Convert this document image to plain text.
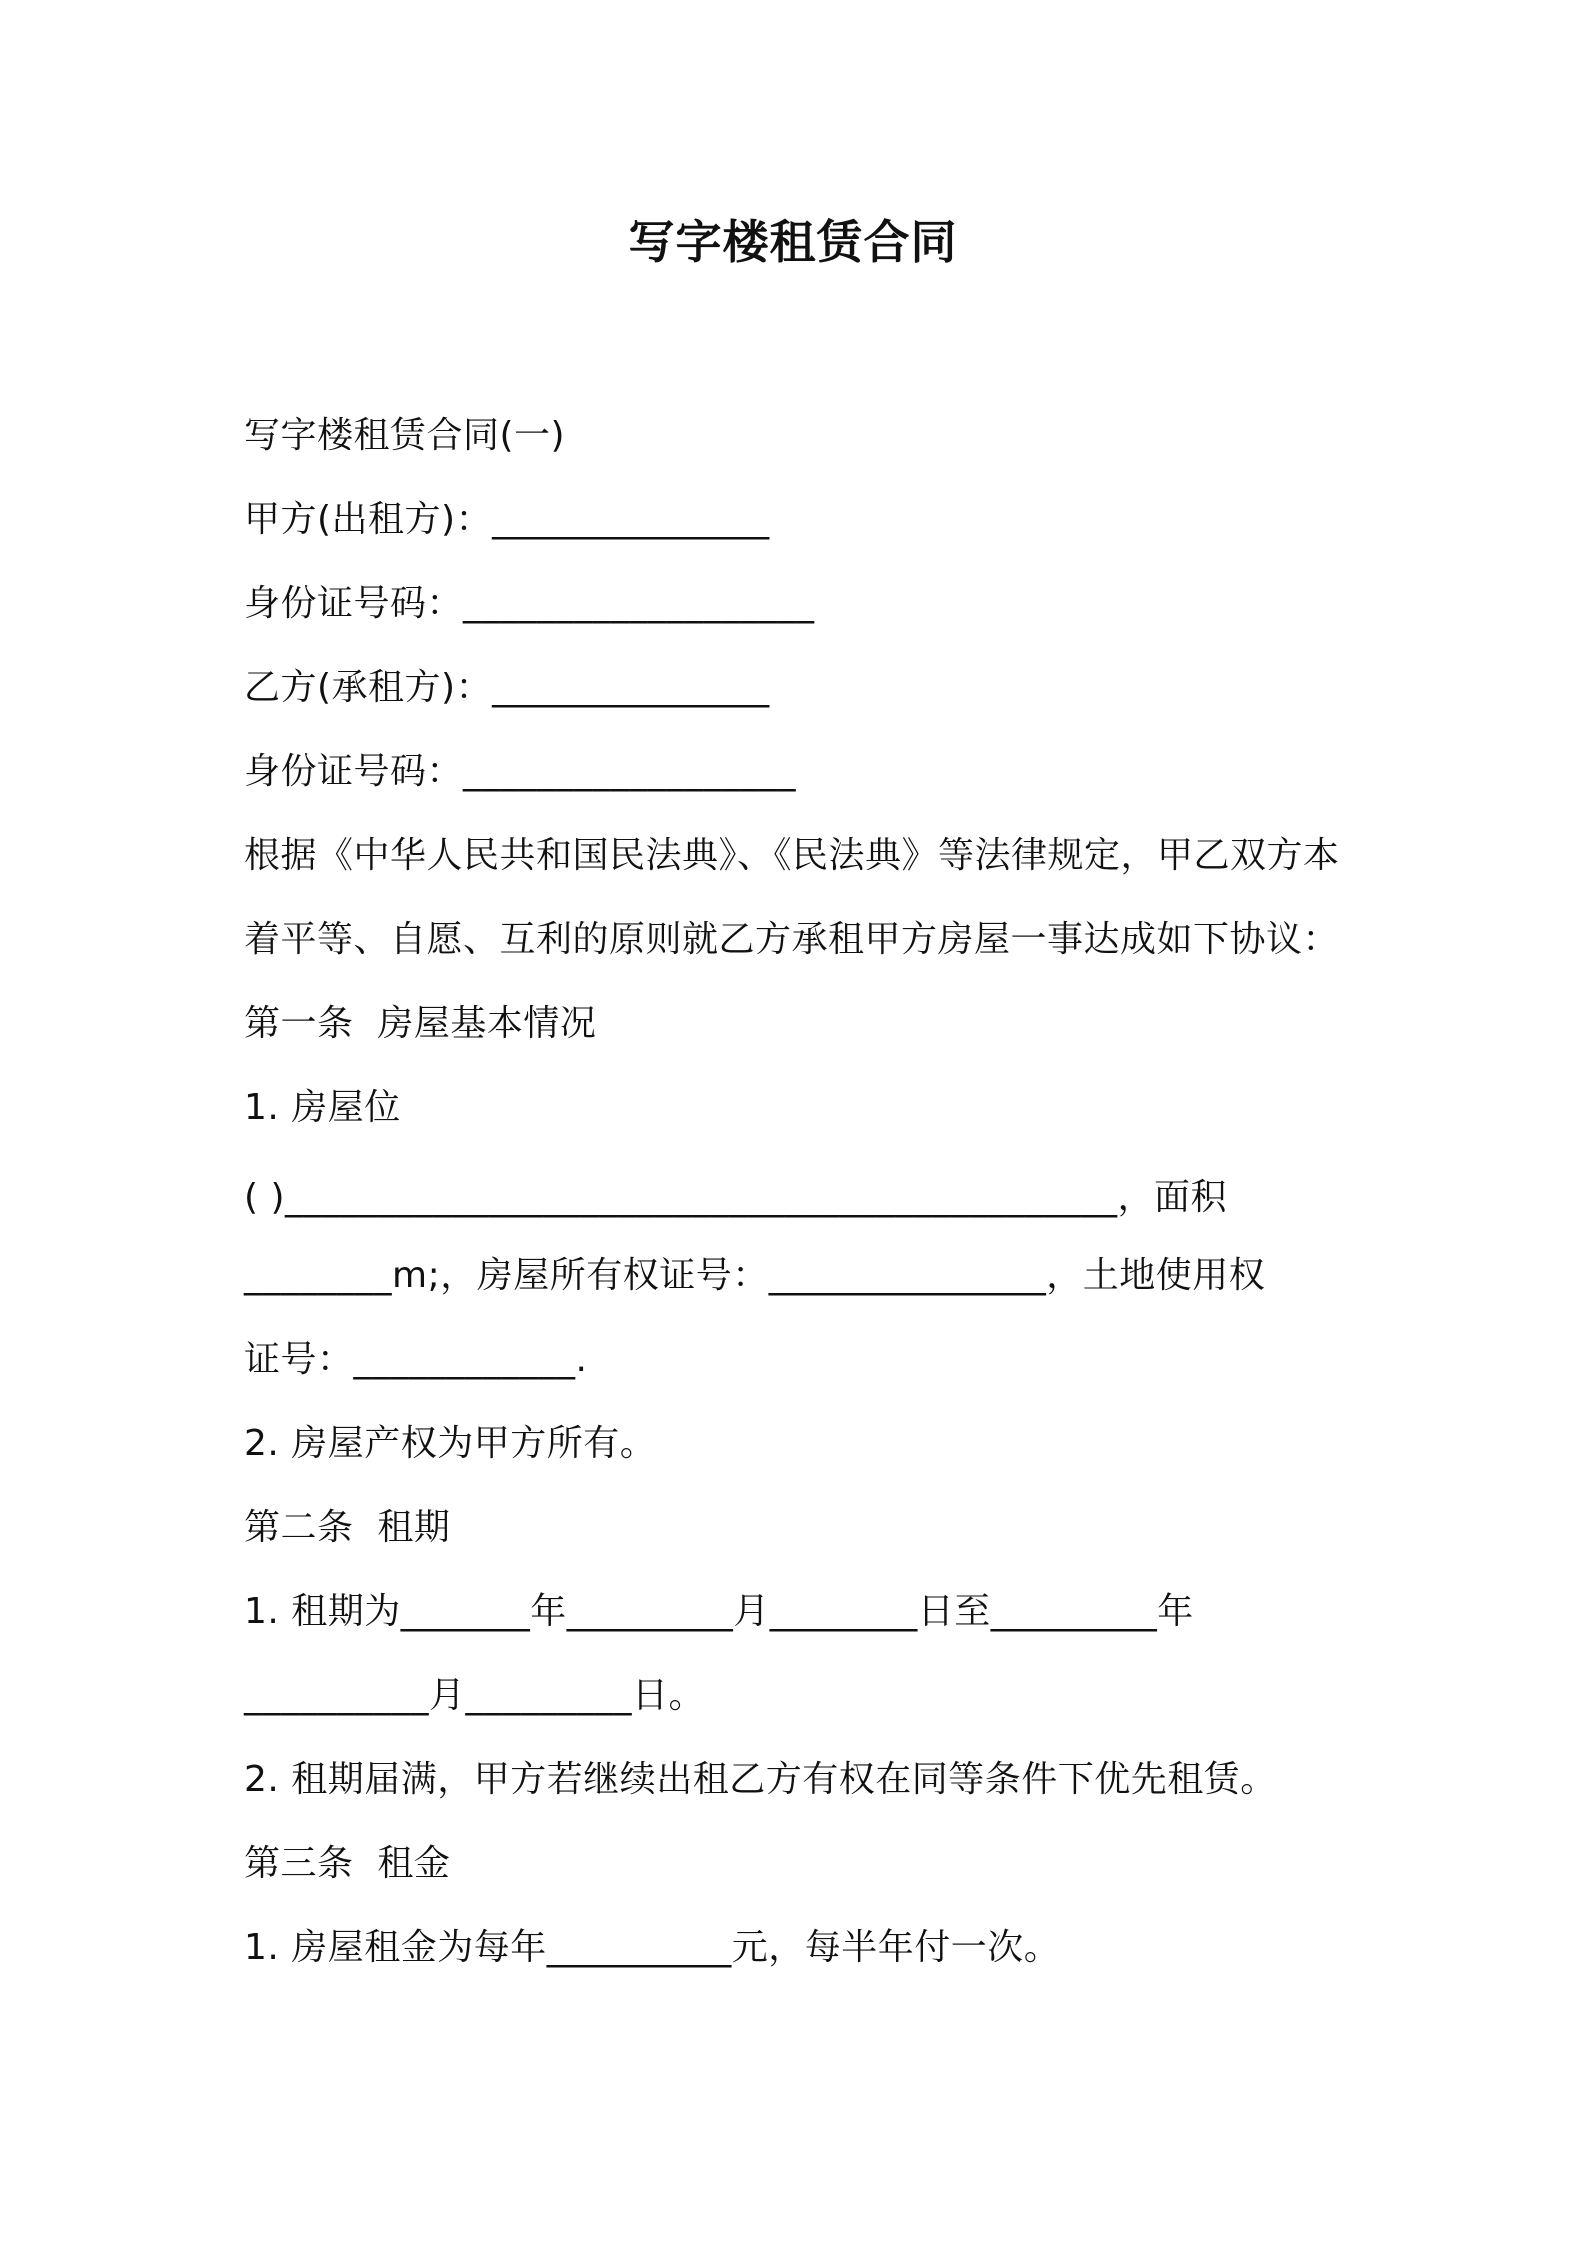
写字楼租赁合同
写字楼租赁合同(一)
甲方(出租方)：_______________
身份证号码：___________________
乙方(承租方)：_______________
身份证号码：__________________
根据《中华人民共和国民法典》、《民法典》等法律规定，甲乙双方本
着平等、自愿、互利的原则就乙方承租甲方房屋一事达成如下协议：
第一条  房屋基本情况
1. 房屋位
( )_____________________________________________，面积
________m;，房屋所有权证号：_______________，土地使用权
证号：____________.
2. 房屋产权为甲方所有。
第二条  租期
1. 租期为_______年_________月________日至_________年
__________月_________日。
2. 租期届满，甲方若继续出租乙方有权在同等条件下优先租赁。
第三条  租金
1. 房屋租金为每年__________元，每半年付一次。
